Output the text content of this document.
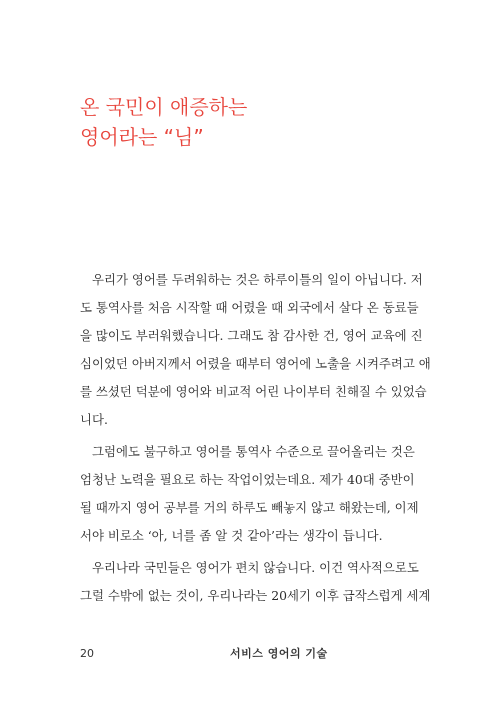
온 국민이 애증하는
영어라는 “님”

우리가 영어를 두려워하는 것은 하루이틀의 일이 아닙니다. 저
도 통역사를 처음 시작할 때 어렸을 때 외국에서 살다 온 동료들
을 많이도 부러워했습니다. 그래도 참 감사한 건, 영어 교육에 진
심이었던 아버지께서 어렸을 때부터 영어에 노출을 시켜주려고 애
를 쓰셨던 덕분에 영어와 비교적 어린 나이부터 친해질 수 있었습
니다.

그럼에도 불구하고 영어를 통역사 수준으로 끌어올리는 것은
엄청난 노력을 필요로 하는 작업이었는데요. 제가 40대 중반이
될 때까지 영어 공부를 거의 하루도 빼놓지 않고 해왔는데, 이제
서야 비로소 ‘아, 너를 좀 알 것 같아’라는 생각이 듭니다.

우리나라 국민들은 영어가 편치 않습니다. 이건 역사적으로도
그럴 수밖에 없는 것이, 우리나라는 20세기 이후 급작스럽게 세계

20	서비스 영어의 기술
